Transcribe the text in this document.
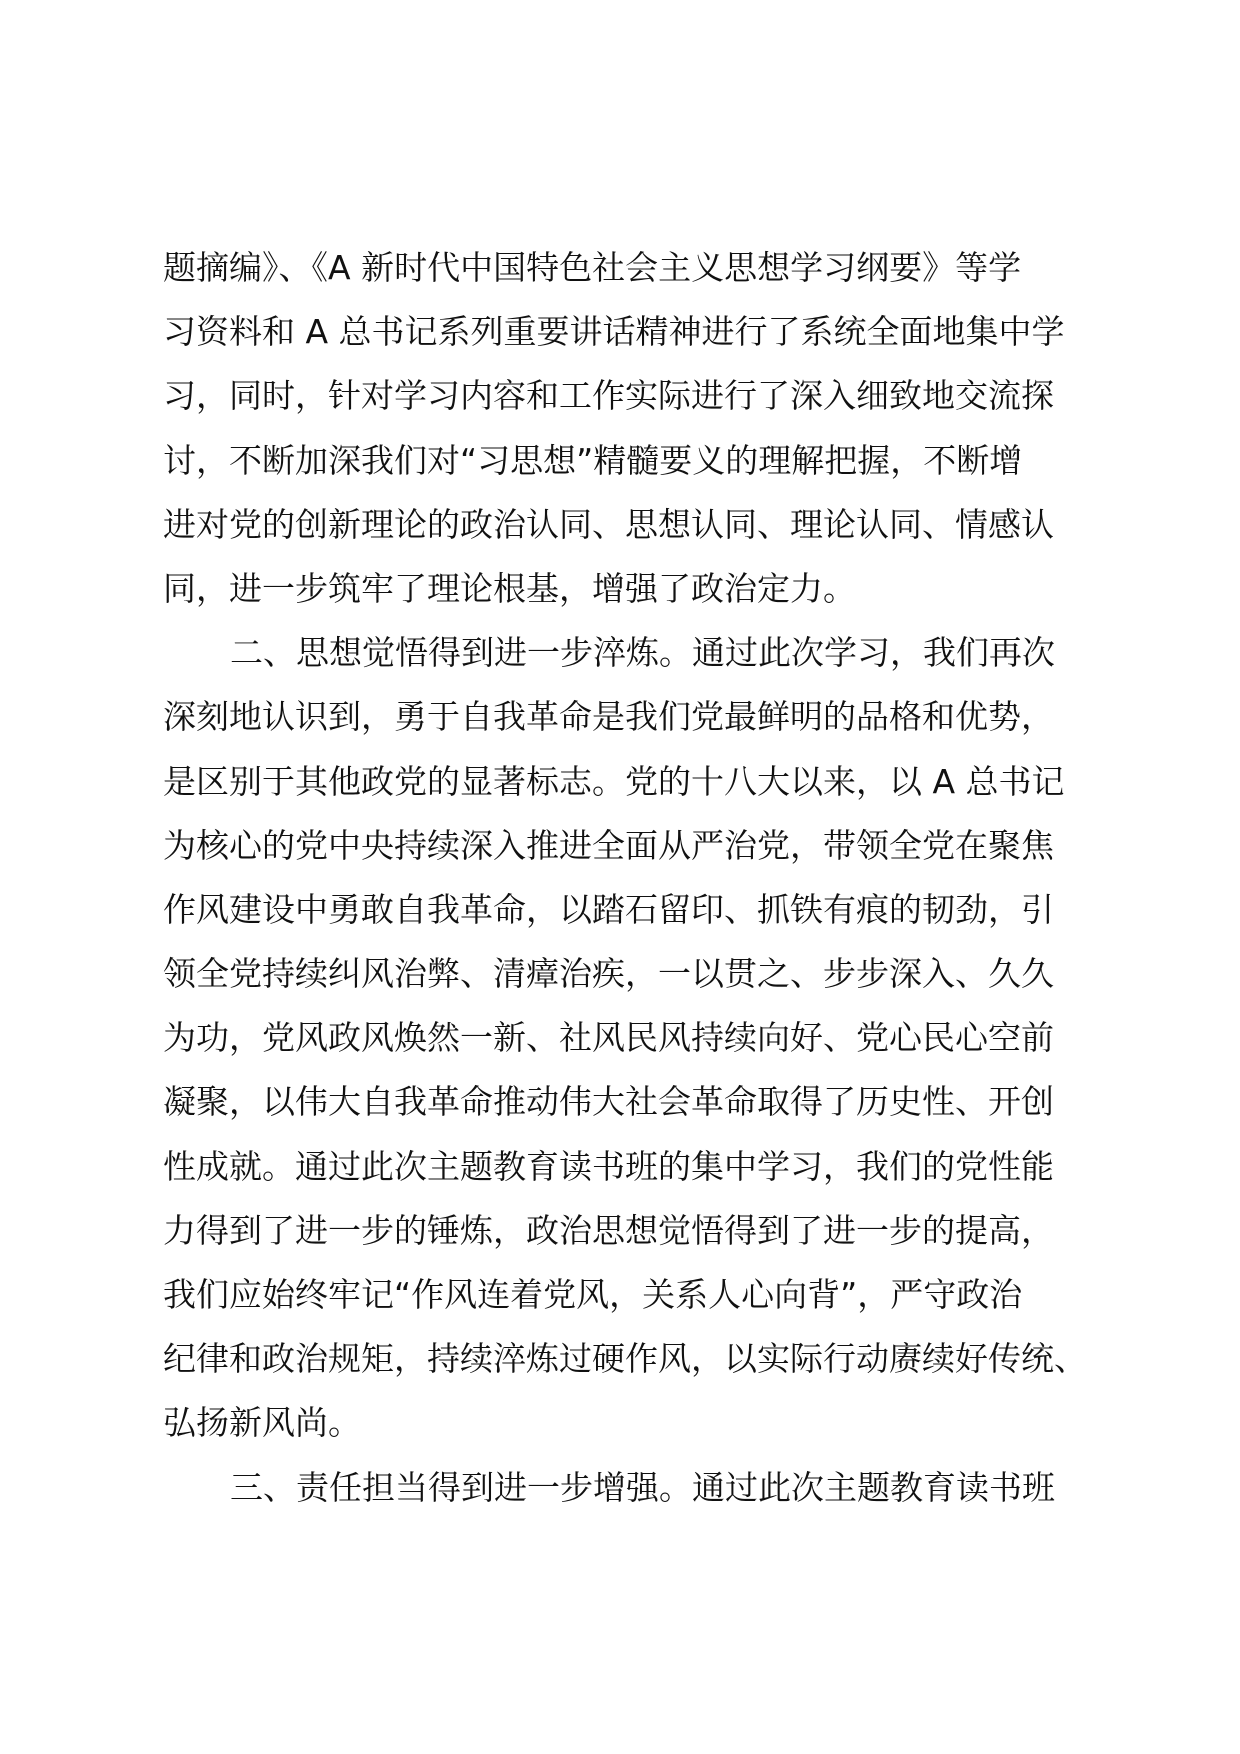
题摘编》、《A 新时代中国特色社会主义思想学习纲要》等学
习资料和 A 总书记系列重要讲话精神进行了系统全面地集中学
习，同时，针对学习内容和工作实际进行了深入细致地交流探
讨，不断加深我们对“习思想”精髓要义的理解把握，不断增
进对党的创新理论的政治认同、思想认同、理论认同、情感认
同，进一步筑牢了理论根基，增强了政治定力。
二、思想觉悟得到进一步淬炼。通过此次学习，我们再次
深刻地认识到，勇于自我革命是我们党最鲜明的品格和优势，
是区别于其他政党的显著标志。党的十八大以来，以 A 总书记
为核心的党中央持续深入推进全面从严治党，带领全党在聚焦
作风建设中勇敢自我革命，以踏石留印、抓铁有痕的韧劲，引
领全党持续纠风治弊、清瘴治疾，一以贯之、步步深入、久久
为功，党风政风焕然一新、社风民风持续向好、党心民心空前
凝聚，以伟大自我革命推动伟大社会革命取得了历史性、开创
性成就。通过此次主题教育读书班的集中学习，我们的党性能
力得到了进一步的锤炼，政治思想觉悟得到了进一步的提高，
我们应始终牢记“作风连着党风，关系人心向背”，严守政治
纪律和政治规矩，持续淬炼过硬作风，以实际行动赓续好传统、
弘扬新风尚。
三、责任担当得到进一步增强。通过此次主题教育读书班
